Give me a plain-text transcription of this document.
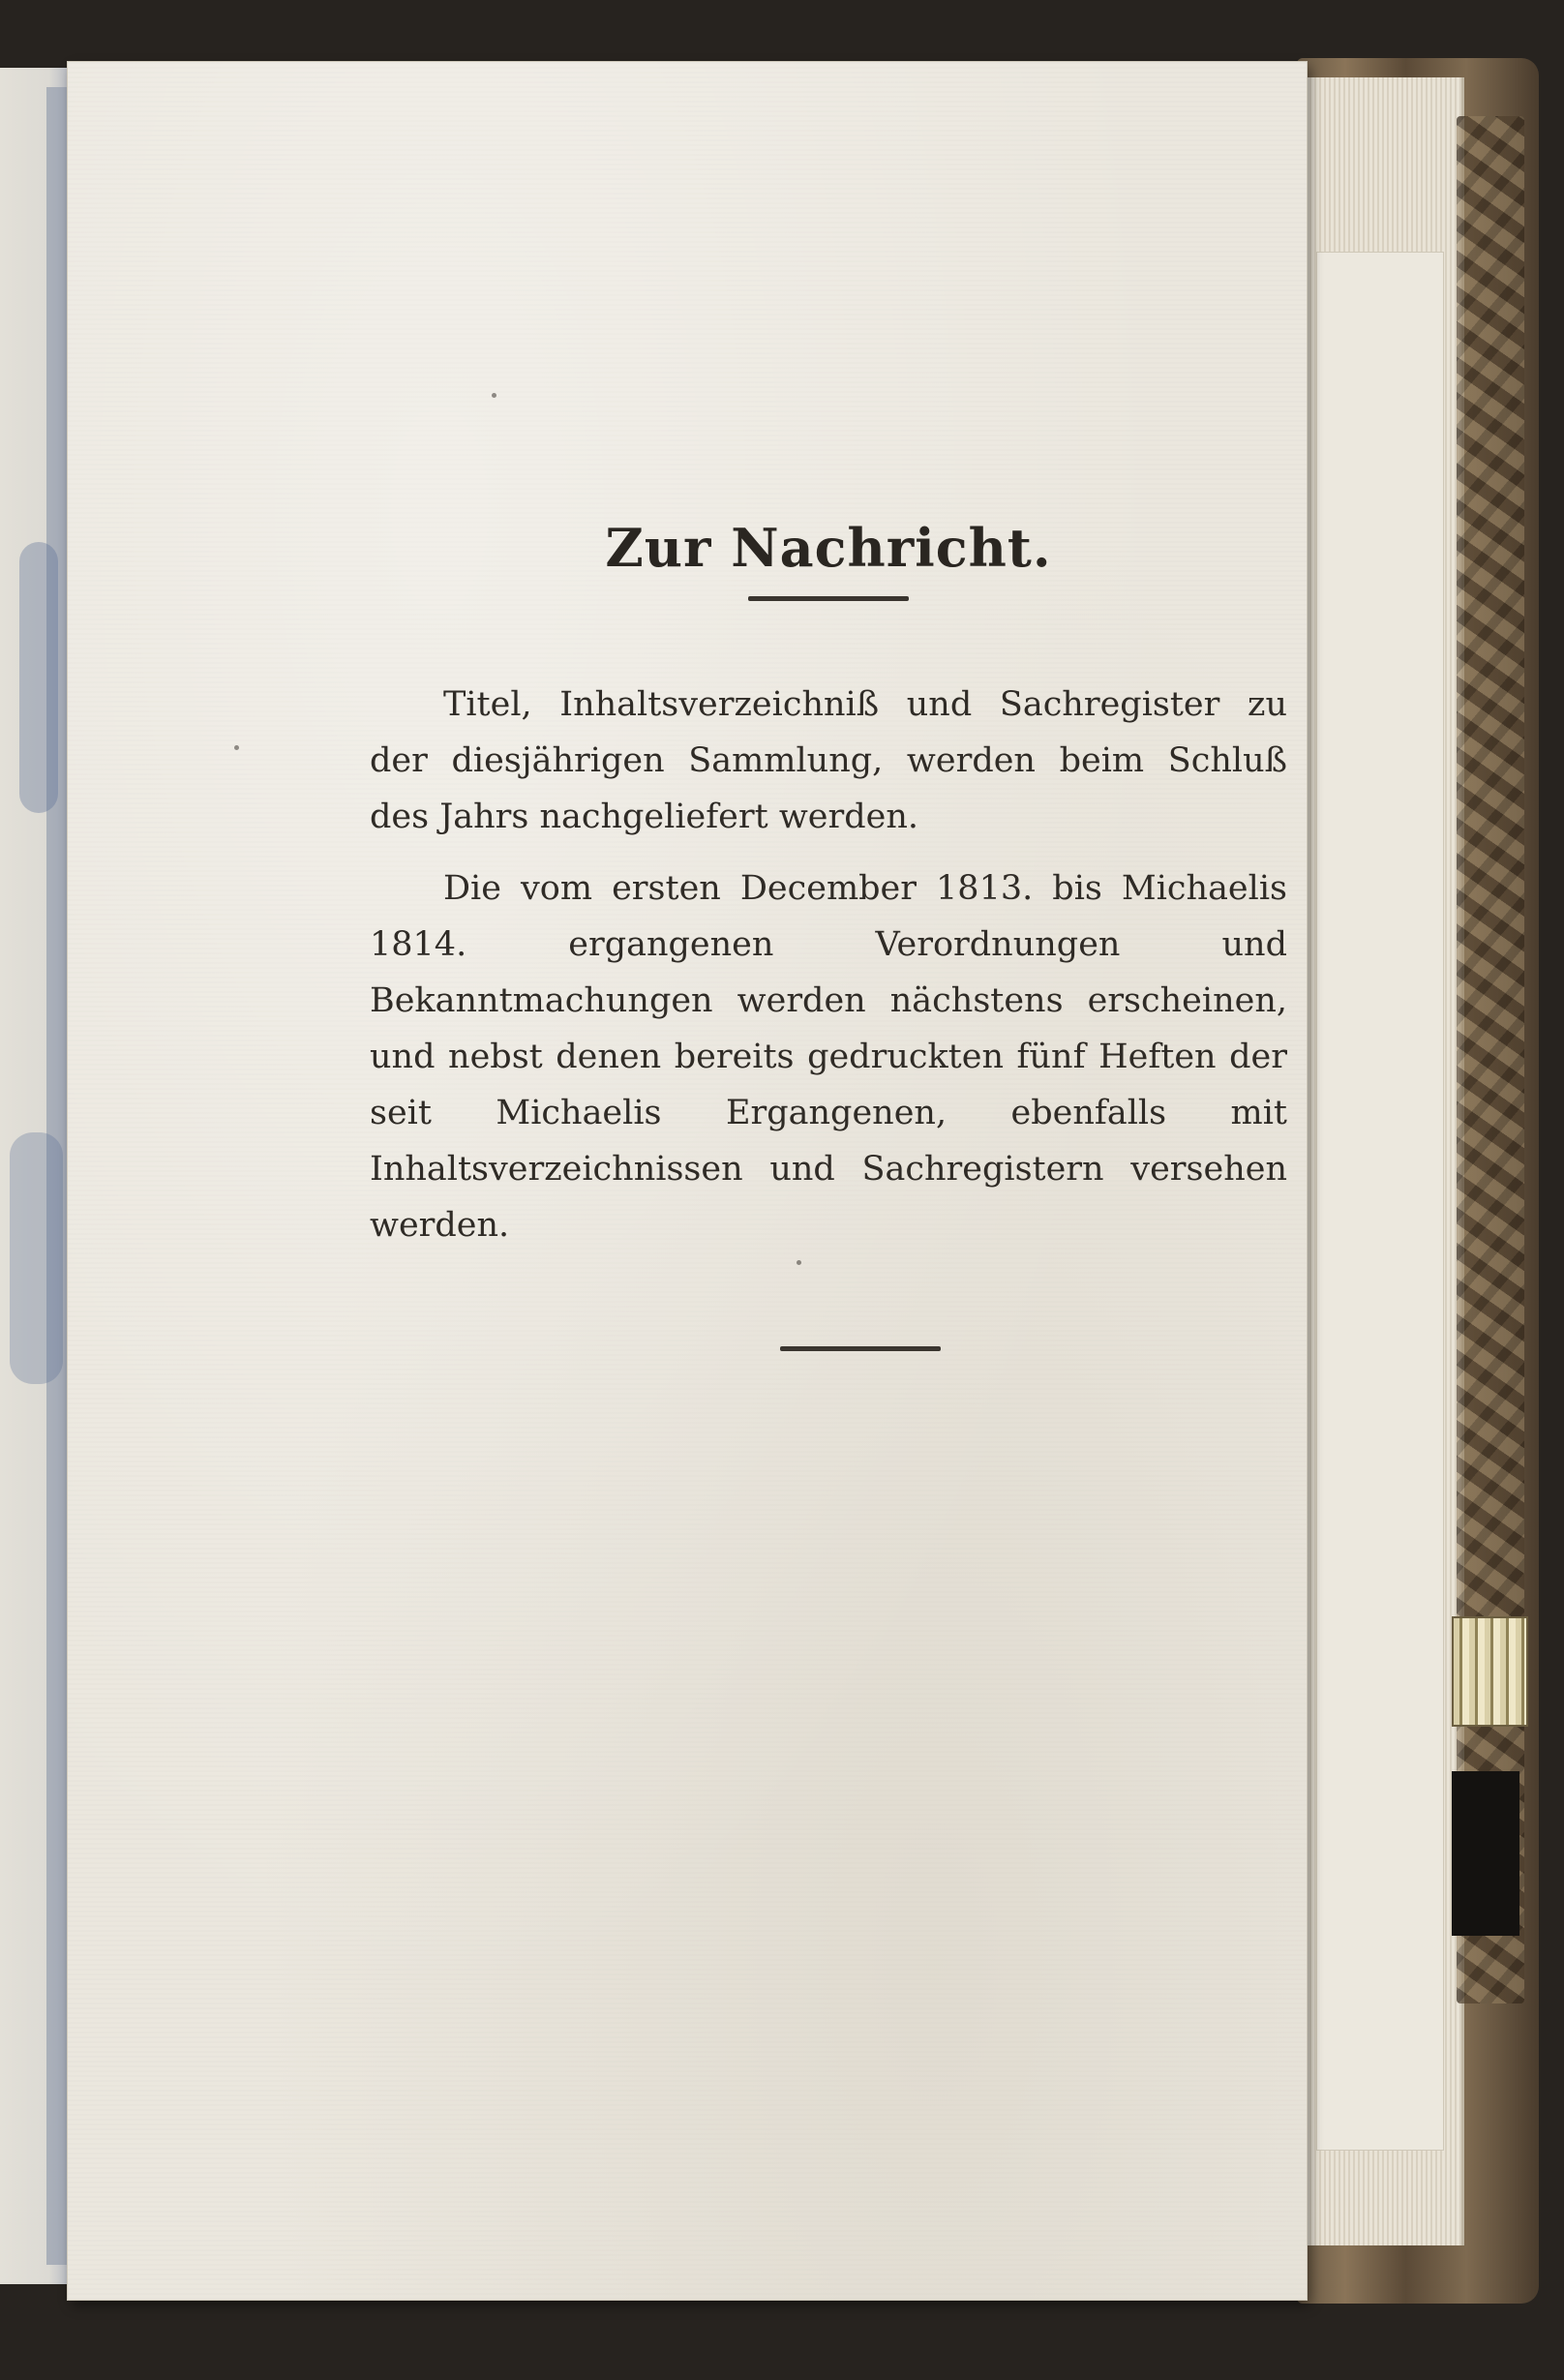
Zur Nachricht.

Titel, Inhaltsverzeichniß und Sachregister zu der diesjährigen Sammlung, werden beim Schluß des Jahrs nachgeliefert werden.

Die vom ersten December 1813. bis Michaelis 1814. ergangenen Verordnungen und Bekanntmachungen werden nächstens erscheinen, und nebst denen bereits gedruckten fünf Heften der seit Michaelis Ergangenen, ebenfalls mit Inhaltsverzeichnissen und Sachregistern versehen werden.
